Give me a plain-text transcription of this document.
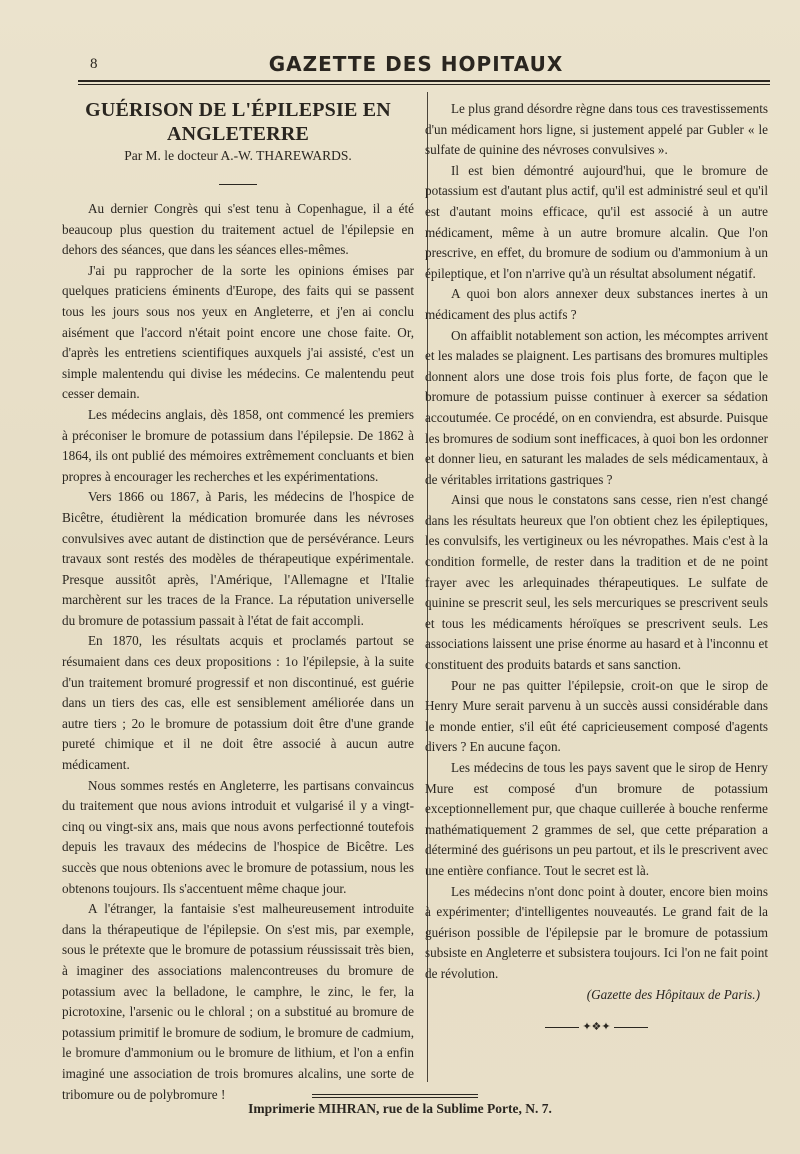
8	GAZETTE DES HOPITAUX
GUÉRISON DE L'ÉPILEPSIE EN ANGLETERRE

Par M. le docteur A.-W. THAREWARDS.

Au dernier Congrès qui s'est tenu à Copenhague, il a été beaucoup plus question du traitement actuel de l'épilepsie en dehors des séances, que dans les séances elles-mêmes.

J'ai pu rapprocher de la sorte les opinions émises par quelques praticiens éminents d'Europe, des faits qui se passent tous les jours sous nos yeux en Angleterre, et j'en ai conclu aisément que l'accord n'était point encore une chose faite. Or, d'après les entretiens scientifiques auxquels j'ai assisté, c'est un simple malentendu qui divise les médecins. Ce malentendu peut cesser demain.

Les médecins anglais, dès 1858, ont commencé les premiers à préconiser le bromure de potassium dans l'épilepsie. De 1862 à 1864, ils ont publié des mémoires extrêmement concluants et bien propres à encourager les recherches et les expérimentations.

Vers 1866 ou 1867, à Paris, les médecins de l'hospice de Bicêtre, étudièrent la médication bromurée dans les névroses convulsives avec autant de distinction que de persévérance. Leurs travaux sont restés des modèles de thérapeutique expérimentale. Presque aussitôt après, l'Amérique, l'Allemagne et l'Italie marchèrent sur les traces de la France. La réputation universelle du bromure de potassium passait à l'état de fait accompli.

En 1870, les résultats acquis et proclamés partout se résumaient dans ces deux propositions : 1o l'épilepsie, à la suite d'un traitement bromuré progressif et non discontinué, est guérie dans un tiers des cas, elle est sensiblement améliorée dans un autre tiers ; 2o le bromure de potassium doit être d'une grande pureté chimique et il ne doit être associé à aucun autre médicament.

Nous sommes restés en Angleterre, les partisans convaincus du traitement que nous avions introduit et vulgarisé il y a vingt-cinq ou vingt-six ans, mais que nous avons perfectionné toutefois depuis les travaux des médecins de l'hospice de Bicêtre. Les succès que nous obtenions avec le bromure de potassium, nous les obtenons toujours. Ils s'accentuent même chaque jour.

A l'étranger, la fantaisie s'est malheureusement introduite dans la thérapeutique de l'épilepsie. On s'est mis, par exemple, sous le prétexte que le bromure de potassium réussissait très bien, à imaginer des associations malencontreuses du bromure de potassium avec la belladone, le camphre, le zinc, le fer, la picrotoxine, l'arsenic ou le chloral ; on a substitué au bromure de potassium primitif le bromure de sodium, le bromure de cadmium, le bromure d'ammonium ou le bromure de lithium, et l'on a enfin imaginé une association de trois bromures alcalins, une sorte de tribomure ou de polybromure !

Le plus grand désordre règne dans tous ces travestissements d'un médicament hors ligne, si justement appelé par Gubler « le sulfate de quinine des névroses convulsives ».

Il est bien démontré aujourd'hui, que le bromure de potassium est d'autant plus actif, qu'il est administré seul et qu'il est d'autant moins efficace, qu'il est associé à un autre médicament, même à un autre bromure alcalin. Que l'on prescrive, en effet, du bromure de sodium ou d'ammonium à un épileptique, et l'on n'arrive qu'à un résultat absolument négatif.

A quoi bon alors annexer deux substances inertes à un médicament des plus actifs ?

On affaiblit notablement son action, les mécomptes arrivent et les malades se plaignent. Les partisans des bromures multiples donnent alors une dose trois fois plus forte, de façon que le bromure de potassium puisse continuer à exercer sa sédation accoutumée. Ce procédé, on en conviendra, est absurde. Puisque les bromures de sodium sont inefficaces, à quoi bon les ordonner et donner lieu, en saturant les malades de sels médicamentaux, à de véritables irritations gastriques ?

Ainsi que nous le constatons sans cesse, rien n'est changé dans les résultats heureux que l'on obtient chez les épileptiques, les convulsifs, les vertigineux ou les névropathes. Mais c'est à la condition formelle, de rester dans la tradition et de ne point frayer avec les arlequinades thérapeutiques. Le sulfate de quinine se prescrit seul, les sels mercuriques se prescrivent seuls et tous les médicaments héroïques se prescrivent seuls. Les associations laissent une prise énorme au hasard et à l'inconnu et constituent des produits batards et sans sanction.

Pour ne pas quitter l'épilepsie, croit-on que le sirop de Henry Mure serait parvenu à un succès aussi considérable dans le monde entier, s'il eût été capricieusement composé d'agents divers ? En aucune façon.

Les médecins de tous les pays savent que le sirop de Henry Mure est composé d'un bromure de potassium exceptionnellement pur, que chaque cuillerée à bouche renferme mathématiquement 2 grammes de sel, que cette préparation a déterminé des guérisons un peu partout, et ils le prescrivent avec une entière confiance. Tout le secret est là.

Les médecins n'ont donc point à douter, encore bien moins à expérimenter; d'intelligentes nouveautés. Le grand fait de la guérison possible de l'épilepsie par le bromure de potassium subsiste en Angleterre et subsistera toujours. Ici l'on ne fait point de révolution.

(Gazette des Hôpitaux de Paris.)

✦❖✦
Imprimerie MIHRAN, rue de la Sublime Porte, N. 7.
